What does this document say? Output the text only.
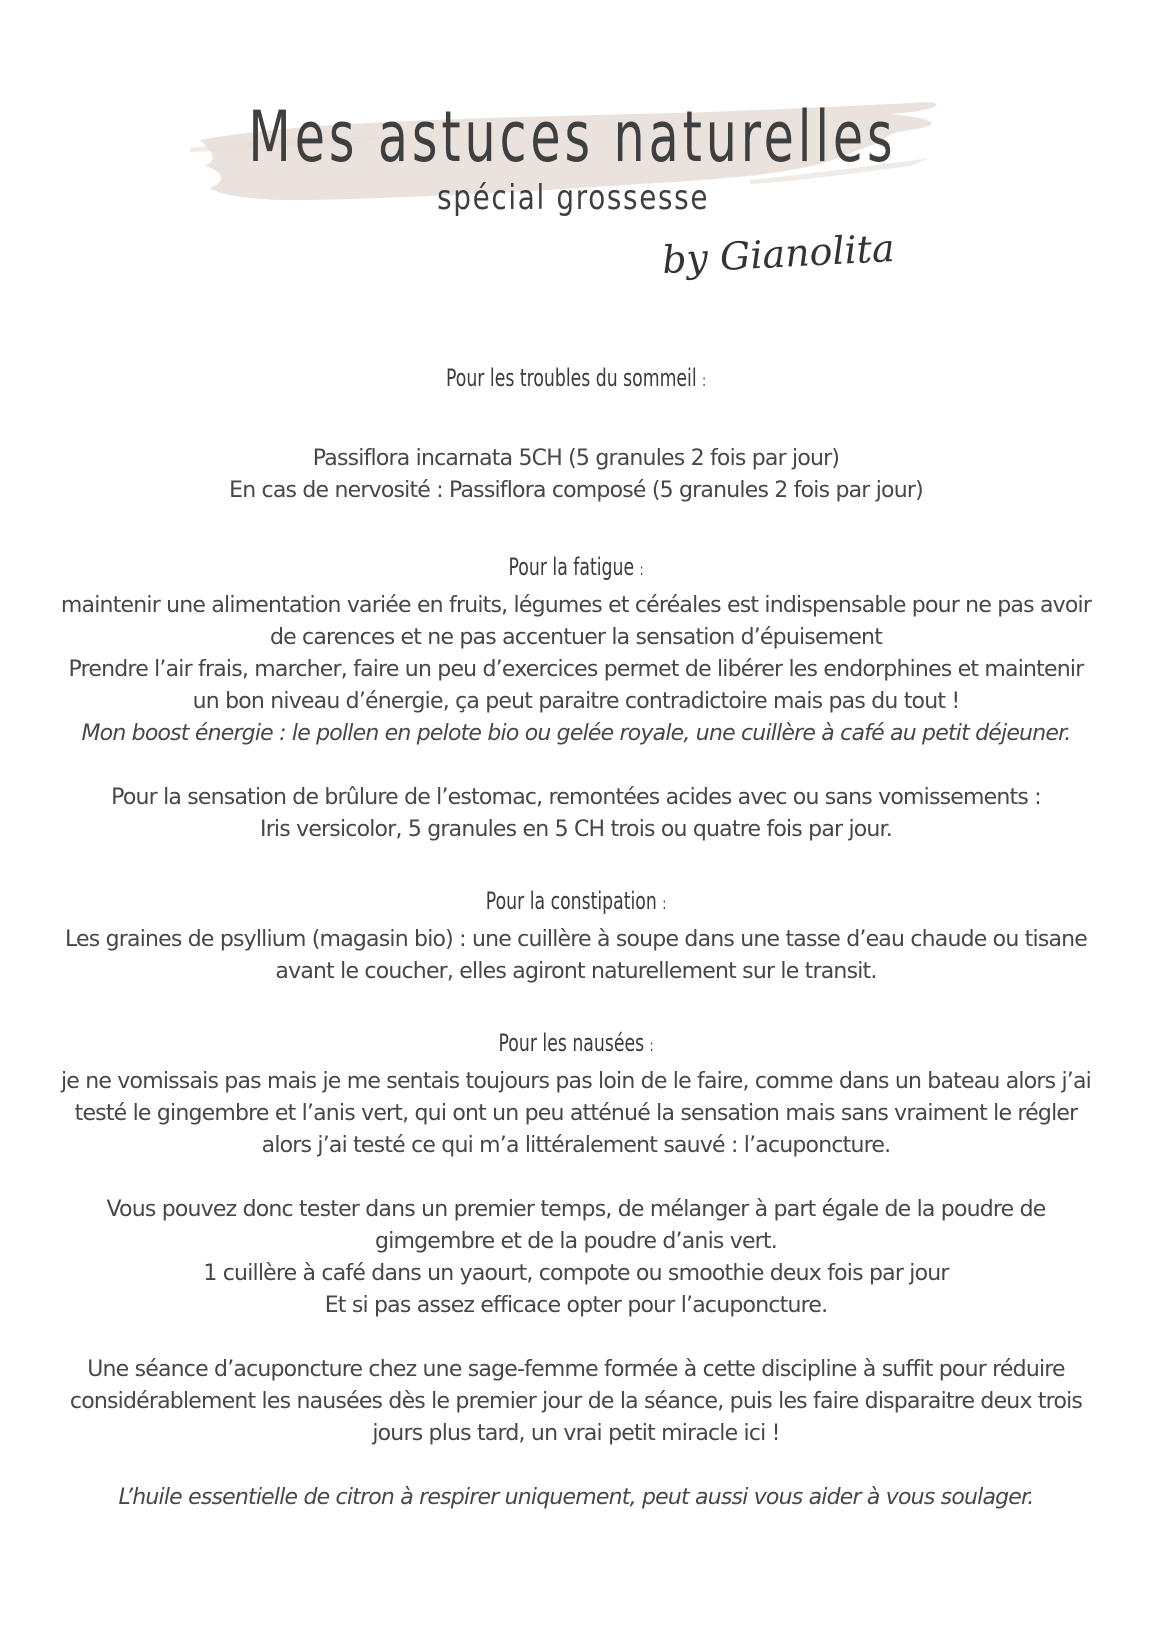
Mes astuces naturelles
spécial grossesse
by Gianolita
Pour les troubles du sommeil :

Passiflora incarnata 5CH (5 granules 2 fois par jour)
En cas de nervosité : Passiflora composé (5 granules 2 fois par jour)

Pour la fatigue :

maintenir une alimentation variée en fruits, légumes et céréales est indispensable pour ne pas avoir
de carences et ne pas accentuer la sensation d’épuisement
Prendre l’air frais, marcher, faire un peu d’exercices permet de libérer les endorphines et maintenir
un bon niveau d’énergie, ça peut paraitre contradictoire mais pas du tout !

Mon boost énergie : le pollen en pelote bio ou gelée royale, une cuillère à café au petit déjeuner.

Pour la sensation de brûlure de l’estomac, remontées acides avec ou sans vomissements :
Iris versicolor, 5 granules en 5 CH trois ou quatre fois par jour.

Pour la constipation :

Les graines de psyllium (magasin bio) : une cuillère à soupe dans une tasse d’eau chaude ou tisane
avant le coucher, elles agiront naturellement sur le transit.

Pour les nausées :

je ne vomissais pas mais je me sentais toujours pas loin de le faire, comme dans un bateau alors j’ai
testé le gingembre et l’anis vert, qui ont un peu atténué la sensation mais sans vraiment le régler
alors j’ai testé ce qui m’a littéralement sauvé : l’acuponcture.

Vous pouvez donc tester dans un premier temps, de mélanger à part égale de la poudre de
gimgembre et de la poudre d’anis vert.
1 cuillère à café dans un yaourt, compote ou smoothie deux fois par jour
Et si pas assez efficace opter pour l’acuponcture.

Une séance d’acuponcture chez une sage-femme formée à cette discipline à suffit pour réduire
considérablement les nausées dès le premier jour de la séance, puis les faire disparaitre deux trois
jours plus tard, un vrai petit miracle ici !

L’huile essentielle de citron à respirer uniquement, peut aussi vous aider à vous soulager.
